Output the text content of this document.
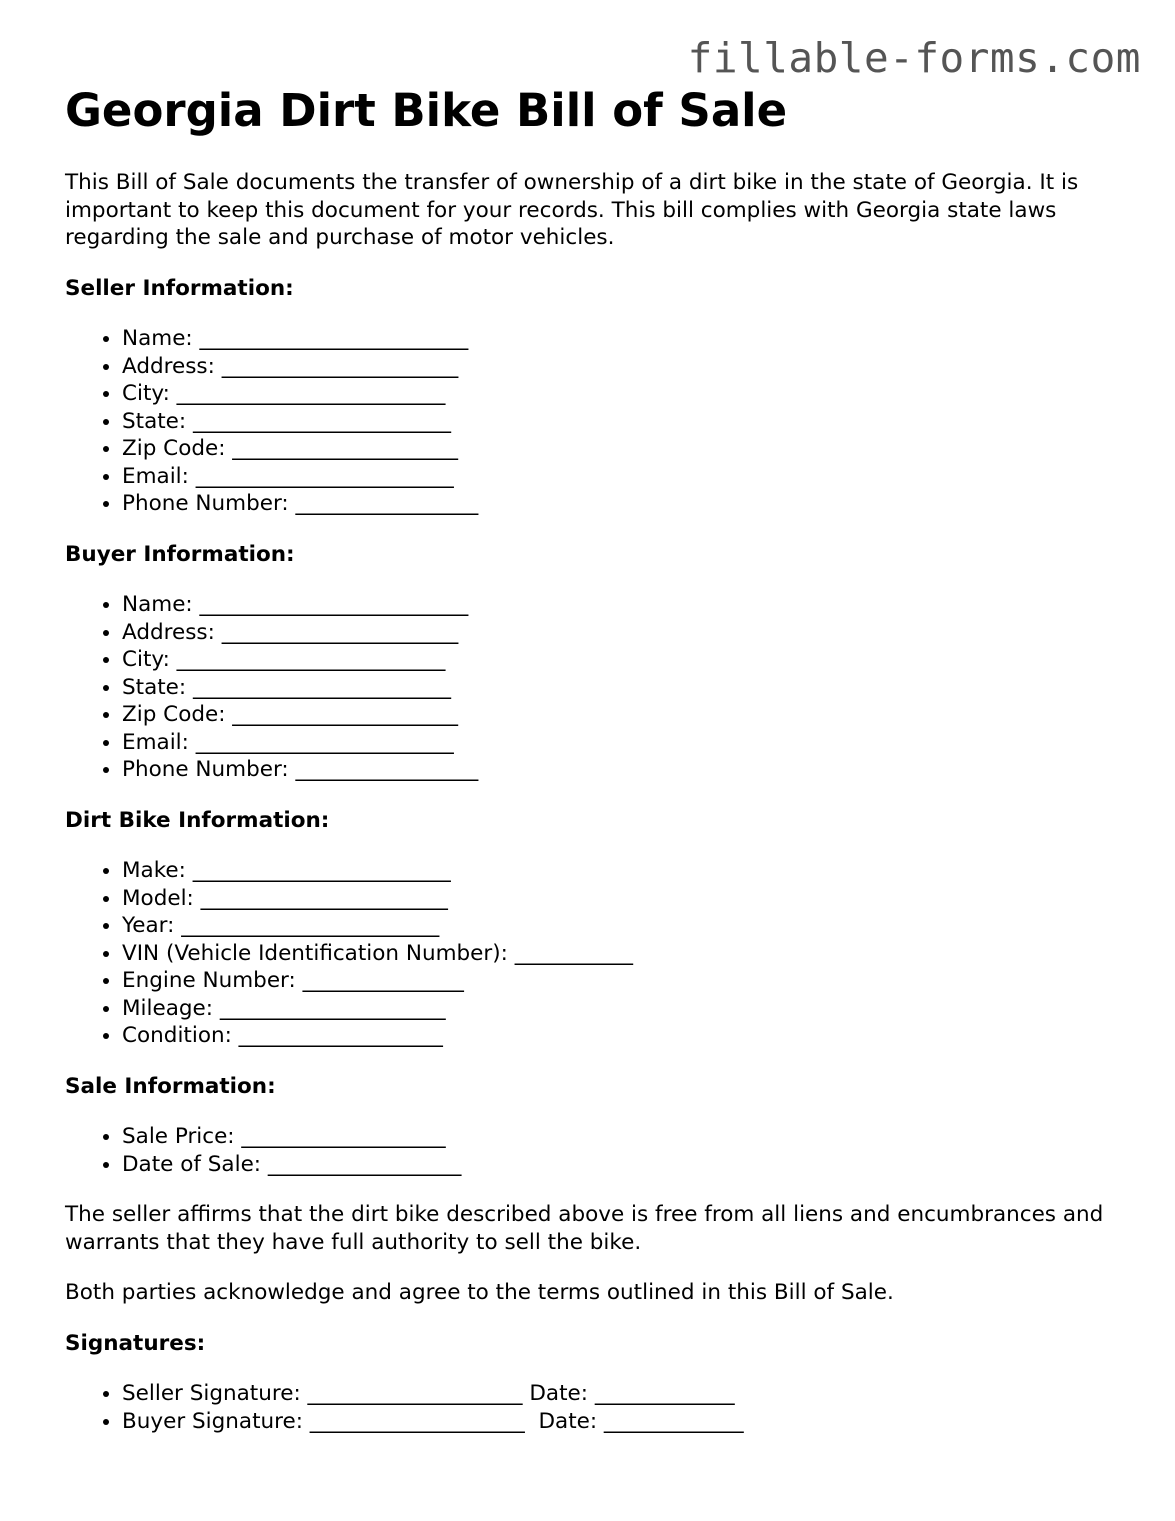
fillable-forms.com
Georgia Dirt Bike Bill of Sale

This Bill of Sale documents the transfer of ownership of a dirt bike in the state of Georgia. It is important to keep this document for your records. This bill complies with Georgia state laws regarding the sale and purchase of motor vehicles.

Seller Information:
• Name: _________________________
• Address: ______________________
• City: _________________________
• State: ________________________
• Zip Code: _____________________
• Email: ________________________
• Phone Number: _________________
Buyer Information:
• Name: _________________________
• Address: ______________________
• City: _________________________
• State: ________________________
• Zip Code: _____________________
• Email: ________________________
• Phone Number: _________________
Dirt Bike Information:
• Make: ________________________
• Model: _______________________
• Year: ________________________
• VIN (Vehicle Identification Number): ___________
• Engine Number: _______________
• Mileage: _____________________
• Condition: ___________________
Sale Information:
• Sale Price: ___________________
• Date of Sale: __________________

The seller affirms that the dirt bike described above is free from all liens and encumbrances and warrants that they have full authority to sell the bike.

Both parties acknowledge and agree to the terms outlined in this Bill of Sale.

Signatures:
• Seller Signature: ____________________ Date: _____________
• Buyer Signature: ____________________  Date: _____________
